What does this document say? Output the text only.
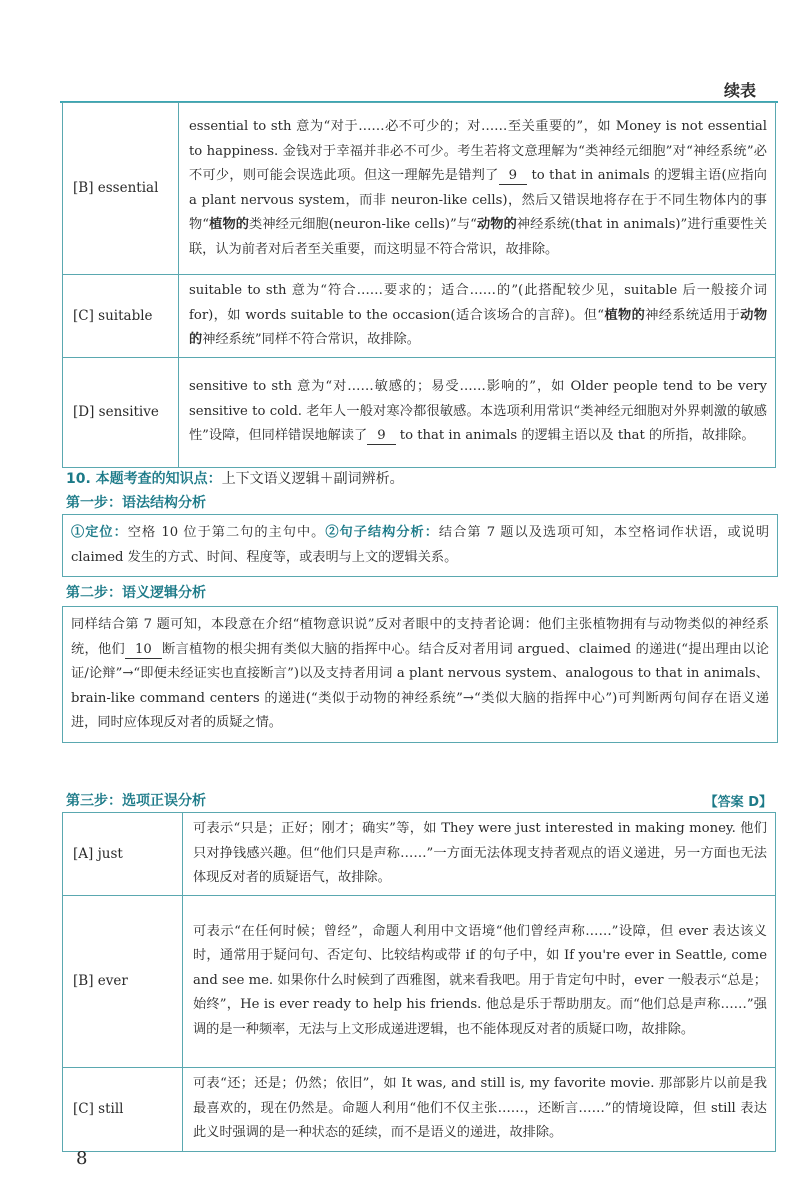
续表
[B] essential	essential to sth 意为“对于……必不可少的；对……至关重要的”，如 Money is not essential to happiness. 金钱对于幸福并非必不可少。考生若将文意理解为“类神经元细胞”对“神经系统”必不可少，则可能会误选此项。但这一理解先是错判了 9 to that in animals 的逻辑主语(应指向 a plant nervous system，而非 neuron-like cells)，然后又错误地将存在于不同生物体内的事物“植物的类神经元细胞(neuron-like cells)”与“动物的神经系统(that in animals)”进行重要性关联，认为前者对后者至关重要，而这明显不符合常识，故排除。
[C] suitable	suitable to sth 意为“符合……要求的；适合……的”(此搭配较少见，suitable 后一般接介词 for)，如 words suitable to the occasion(适合该场合的言辞)。但“植物的神经系统适用于动物的神经系统”同样不符合常识，故排除。
[D] sensitive	sensitive to sth 意为“对……敏感的；易受……影响的”，如 Older people tend to be very sensitive to cold. 老年人一般对寒冷都很敏感。本选项利用常识“类神经元细胞对外界刺激的敏感性”设障，但同样错误地解读了 9 to that in animals 的逻辑主语以及 that 的所指，故排除。
10. 本题考查的知识点：上下文语义逻辑＋副词辨析。
第一步：语法结构分析
①定位：空格 10 位于第二句的主句中。②句子结构分析：结合第 7 题以及选项可知，本空格词作状语，或说明 claimed 发生的方式、时间、程度等，或表明与上文的逻辑关系。
第二步：语义逻辑分析
同样结合第 7 题可知，本段意在介绍“植物意识说”反对者眼中的支持者论调：他们主张植物拥有与动物类似的神经系统，他们 10 断言植物的根尖拥有类似大脑的指挥中心。结合反对者用词 argued、claimed 的递进(“提出理由以论证/论辩”→“即便未经证实也直接断言”)以及支持者用词 a plant nervous system、analogous to that in animals、brain-like command centers 的递进(“类似于动物的神经系统”→“类似大脑的指挥中心”)可判断两句间存在语义递进，同时应体现反对者的质疑之情。
第三步：选项正误分析	【答案 D】
[A] just	可表示“只是；正好；刚才；确实”等，如 They were just interested in making money. 他们只对挣钱感兴趣。但“他们只是声称……”一方面无法体现支持者观点的语义递进，另一方面也无法体现反对者的质疑语气，故排除。
[B] ever	可表示“在任何时候；曾经”，命题人利用中文语境“他们曾经声称……”设障，但 ever 表达该义时，通常用于疑问句、否定句、比较结构或带 if 的句子中，如 If you're ever in Seattle, come and see me. 如果你什么时候到了西雅图，就来看我吧。用于肯定句中时，ever 一般表示“总是；始终”，He is ever ready to help his friends. 他总是乐于帮助朋友。而“他们总是声称……”强调的是一种频率，无法与上文形成递进逻辑，也不能体现反对者的质疑口吻，故排除。
[C] still	可表“还；还是；仍然；依旧”，如 It was, and still is, my favorite movie. 那部影片以前是我最喜欢的，现在仍然是。命题人利用“他们不仅主张……，还断言……”的情境设障，但 still 表达此义时强调的是一种状态的延续，而不是语义的递进，故排除。
8
